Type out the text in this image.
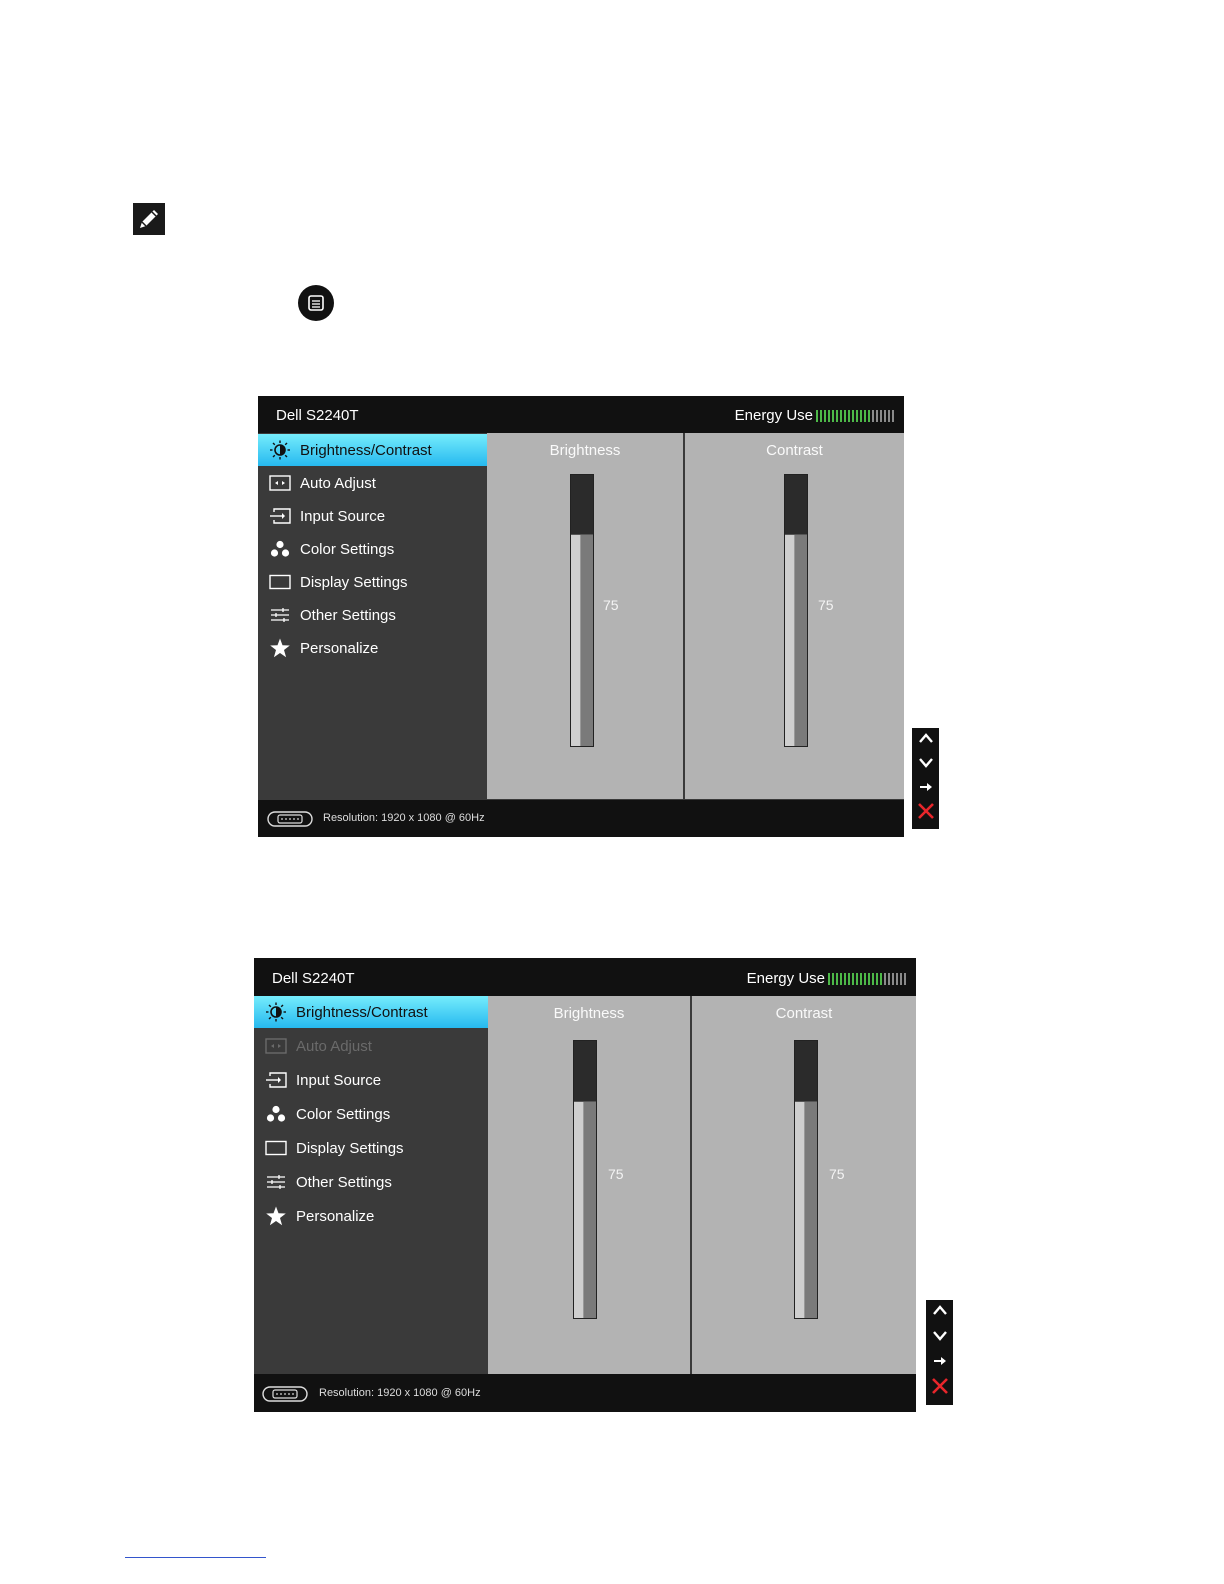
Dell S2240T	Energy Use
Brightness/Contrast
Auto Adjust
Input Source
Color Settings
Display Settings
Other Settings
Personalize
Brightness
75
Contrast
75
Resolution: 1920 x 1080 @ 60Hz
Dell S2240T	Energy Use
Brightness/Contrast
Auto Adjust
Input Source
Color Settings
Display Settings
Other Settings
Personalize
Brightness
75
Contrast
75
Resolution: 1920 x 1080 @ 60Hz
